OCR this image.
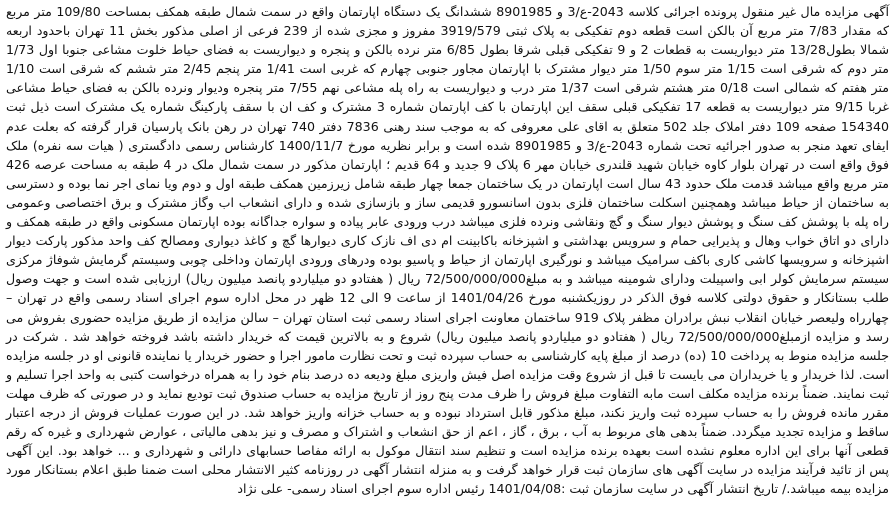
آگهی مزایده مال غیر منقول پرونده اجرائی کلاسه 2043-ع/3 و 8901985 ششدانگ یک دستگاه اپارتمان واقع در سمت شمال طبقه همکف بمساحت 109/80 متر مربع که مقدار 7/83 متر مربع آن بالکن است قطعه دوم تفکیکی به پلاک ثبتی 3919/579 مفروز و مجزی شده از 239 فرعی از اصلی مذکور بخش 11 تهران باحدود اربعه شمالا بطول13/28 متر دیواریست به قطعات 2 و 9 تفکیکی قبلی شرقا بطول 6/85 متر نرده بالکن و پنجره و دیواریست به فضای حیاط خلوت مشاعی جنوبا اول 1/73 متر دوم که شرقی است 1/15 متر سوم 1/50 متر دیوار مشترک با اپارتمان مجاور جنوبی چهارم که غربی است 1/41 متر پنجم 2/45 متر ششم که شرقی است 1/10 متر هفتم که شمالی است 0/18 متر هشتم شرقی است 1/37 متر درب و دیواریست به راه پله مشاعی نهم 7/55 متر پنجره ودیوار ونرده بالکن به فضای حیاط مشاعی غربا 9/15 متر دیواریست به قطعه 17 تفکیکی قبلی سقف این اپارتمان با کف اپارتمان شماره 3 مشترک و کف ان با سقف پارکینگ شماره یک مشترک است ذیل ثبت 154340 صفحه 109 دفتر املاک جلد 502 متعلق به اقای علی معروفی که به موجب سند رهنی 7836 دفتر 740 تهران در رهن بانک پارسیان قرار گرفته که بعلت عدم ایفای تعهد منجر به صدور اجرائیه تحت شماره 2043-ع/3 و 8901985 شده است و برابر نظریه مورخ 1400/11/7 کارشناس رسمی دادگستری ( هیات سه نفره) ملک فوق واقع است در تهران بلوار کاوه خیابان شهید قلندری خیابان مهر 6 پلاک 9 جدید و 64 قدیم ؛ اپارتمان مذکور در سمت شمال ملک در 4 طبقه به مساحت عرصه 426 متر مربع واقع میباشد قدمت ملک حدود 43 سال است اپارتمان در یک ساختمان جمعا چهار طبقه شامل زیرزمین همکف طبقه اول و دوم ویا نمای اجر نما بوده و دسترسی به ساختمان از حیاط میباشد وهمچنین اسکلت ساختمان فلزی بدون اسانسورو قدیمی ساز و بازسازی شده و دارای انشعاب اب وگاز مشترک و برق اختصاصی وعمومی راه پله با پوشش کف سنگ و پوشش دیوار سنگ و گچ ونقاشی ونرده فلزی میباشد درب ورودی عابر پیاده و سواره جداگانه بوده اپارتمان مسکونی واقع در طبقه همکف و دارای دو اتاق خواب وهال و پذیرایی حمام و سرویس بهداشتی و اشپزخانه باکابینت ام دی اف نازک کاری دیوارها گچ و کاغذ دیواری ومصالح کف واحد مذکور پارکت دیوار اشپزخانه و سرویسها کاشی کاری باکف سرامیک میباشد و نورگیری اپارتمان از حیاط و پاسیو بوده ودرهای ورودی اپارتمان وداخلی چوبی وسیستم گرمایش شوفاژ مرکزی سیستم سرمایش کولر ابی واسپیلت ودارای شومینه میباشد و به مبلغ72/500/000/000 ریال ( هفتادو دو میلیاردو پانصد میلیون ریال) ارزیابی شده است و جهت وصول طلب بستانکار و حقوق دولتی کلاسه فوق الذکر در روزیکشنبه مورخ 1401/04/26 از ساعت 9 الی 12 ظهر در محل اداره سوم اجرای اسناد رسمی واقع در تهران – چهارراه ولیعصر خیابان انقلاب نبش برادران مظفر پلاک 919 ساختمان معاونت اجرای اسناد رسمی ثبت استان تهران – سالن مزایده از طریق مزایده حضوری بفروش می رسد و مزایده ازمبلغ72/500/000/000 ریال ( هفتادو دو میلیاردو پانصد میلیون ریال) شروع و به بالاترین قیمت که خریدار داشته باشد فروخته خواهد شد . شرکت در جلسه مزایده منوط به پرداخت 10 (ده) درصد از مبلغ پایه کارشناسی به حساب سپرده ثبت و تحت نظارت مامور اجرا و حضور خریدار یا نماینده قانونی او در جلسه مزایده است. لذا خریدار و یا خریداران می بایست تا قبل از شروع وقت مزایده اصل فیش واریزی مبلغ ودیعه ده درصد بنام خود را به همراه درخواست کتبی به واحد اجرا تسلیم و ثبت نمایند. ضمناً برنده مزایده مکلف است مابه التفاوت مبلغ فروش را ظرف مدت پنج روز از تاریخ مزایده به حساب صندوق ثبت تودیع نماید و در صورتی که ظرف مهلت مقرر مانده فروش را به حساب سپرده ثبت واریز نکند، مبلغ مذکور قابل استرداد نبوده و به حساب خزانه واریز خواهد شد. در این صورت عملیات فروش از درجه اعتبار ساقط و مزایده تجدید میگردد. ضمناً بدهی های مربوط به آب ، برق ، گاز ، اعم از حق انشعاب و اشتراک و مصرف و نیز بدهی مالیاتی ، عوارض شهرداری و غیره که رقم قطعی آنها برای این اداره معلوم نشده است بعهده برنده مزایده است و تنظیم سند انتقال موکول به ارائه مفاصا حسابهای دارائی و شهرداری و ... خواهد بود. این آگهی پس از تائید فرآیند مزایده در سایت آگهی های سازمان ثبت قرار خواهد گرفت و به منزله انتشار آگهی در روزنامه کثیر الانتشار محلی است ضمنا طبق اعلام بستانکار مورد مزایده بیمه میباشد./ تاریخ انتشار آگهی در سایت سازمان ثبت :1401/04/08 رئیس اداره سوم اجرای اسناد رسمی- علی نژاد
